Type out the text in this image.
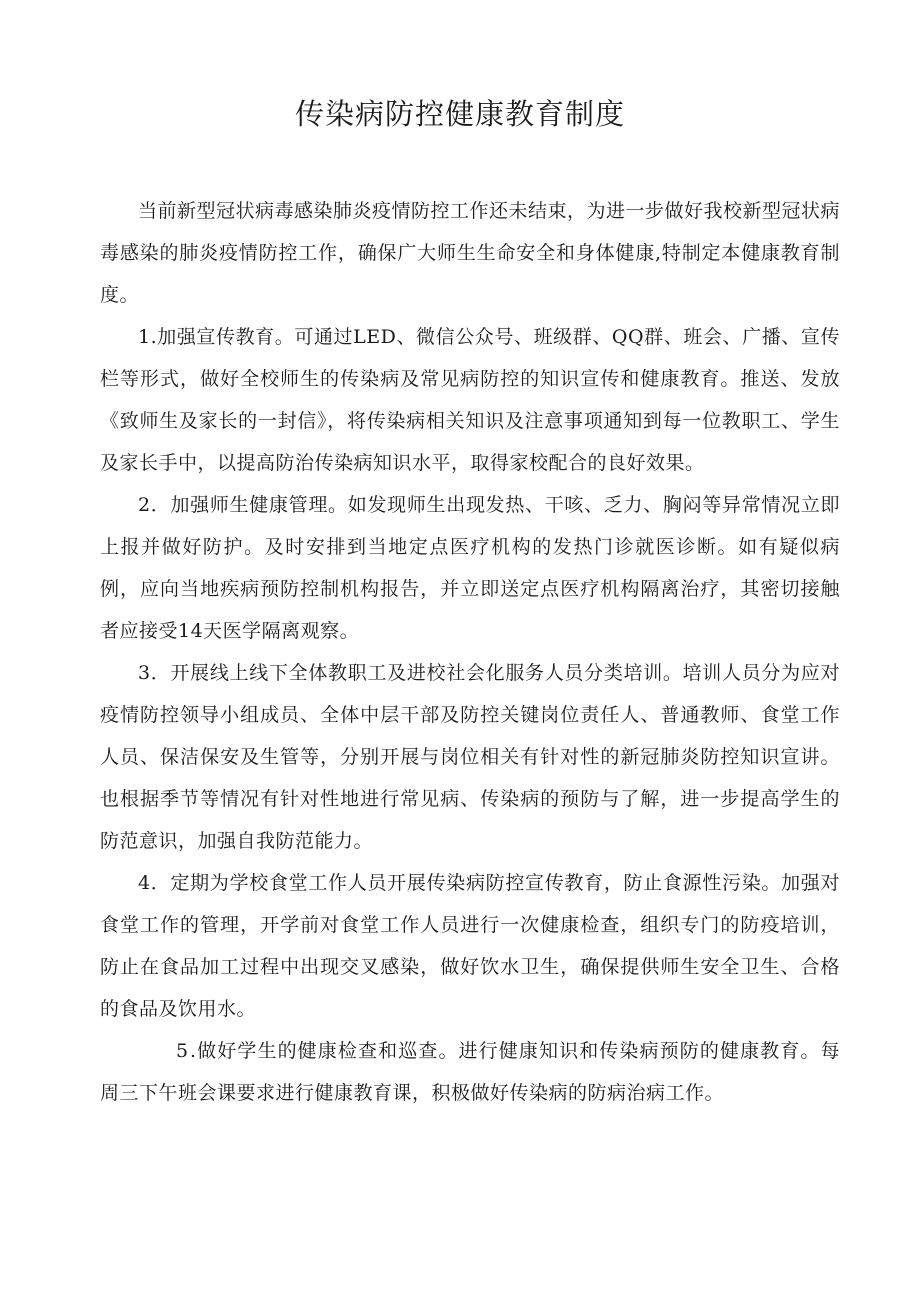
传染病防控健康教育制度

当前新型冠状病毒感染肺炎疫情防控工作还未结束，为进一步做好我校新型冠状病毒感染的肺炎疫情防控工作，确保广大师生生命安全和身体健康,特制定本健康教育制度。

1.加强宣传教育。可通过LED、微信公众号、班级群、QQ群、班会、广播、宣传栏等形式，做好全校师生的传染病及常见病防控的知识宣传和健康教育。推送、发放《致师生及家长的一封信》，将传染病相关知识及注意事项通知到每一位教职工、学生及家长手中，以提高防治传染病知识水平，取得家校配合的良好效果。

2．加强师生健康管理。如发现师生出现发热、干咳、乏力、胸闷等异常情况立即上报并做好防护。及时安排到当地定点医疗机构的发热门诊就医诊断。如有疑似病例，应向当地疾病预防控制机构报告，并立即送定点医疗机构隔离治疗，其密切接触者应接受14天医学隔离观察。

3．开展线上线下全体教职工及进校社会化服务人员分类培训。培训人员分为应对疫情防控领导小组成员、全体中层干部及防控关键岗位责任人、普通教师、食堂工作人员、保洁保安及生管等，分别开展与岗位相关有针对性的新冠肺炎防控知识宣讲。也根据季节等情况有针对性地进行常见病、传染病的预防与了解，进一步提高学生的防范意识，加强自我防范能力。

4．定期为学校食堂工作人员开展传染病防控宣传教育，防止食源性污染。加强对食堂工作的管理，开学前对食堂工作人员进行一次健康检查，组织专门的防疫培训，防止在食品加工过程中出现交叉感染，做好饮水卫生，确保提供师生安全卫生、合格的食品及饮用水。

5.做好学生的健康检查和巡查。进行健康知识和传染病预防的健康教育。每周三下午班会课要求进行健康教育课，积极做好传染病的防病治病工作。
